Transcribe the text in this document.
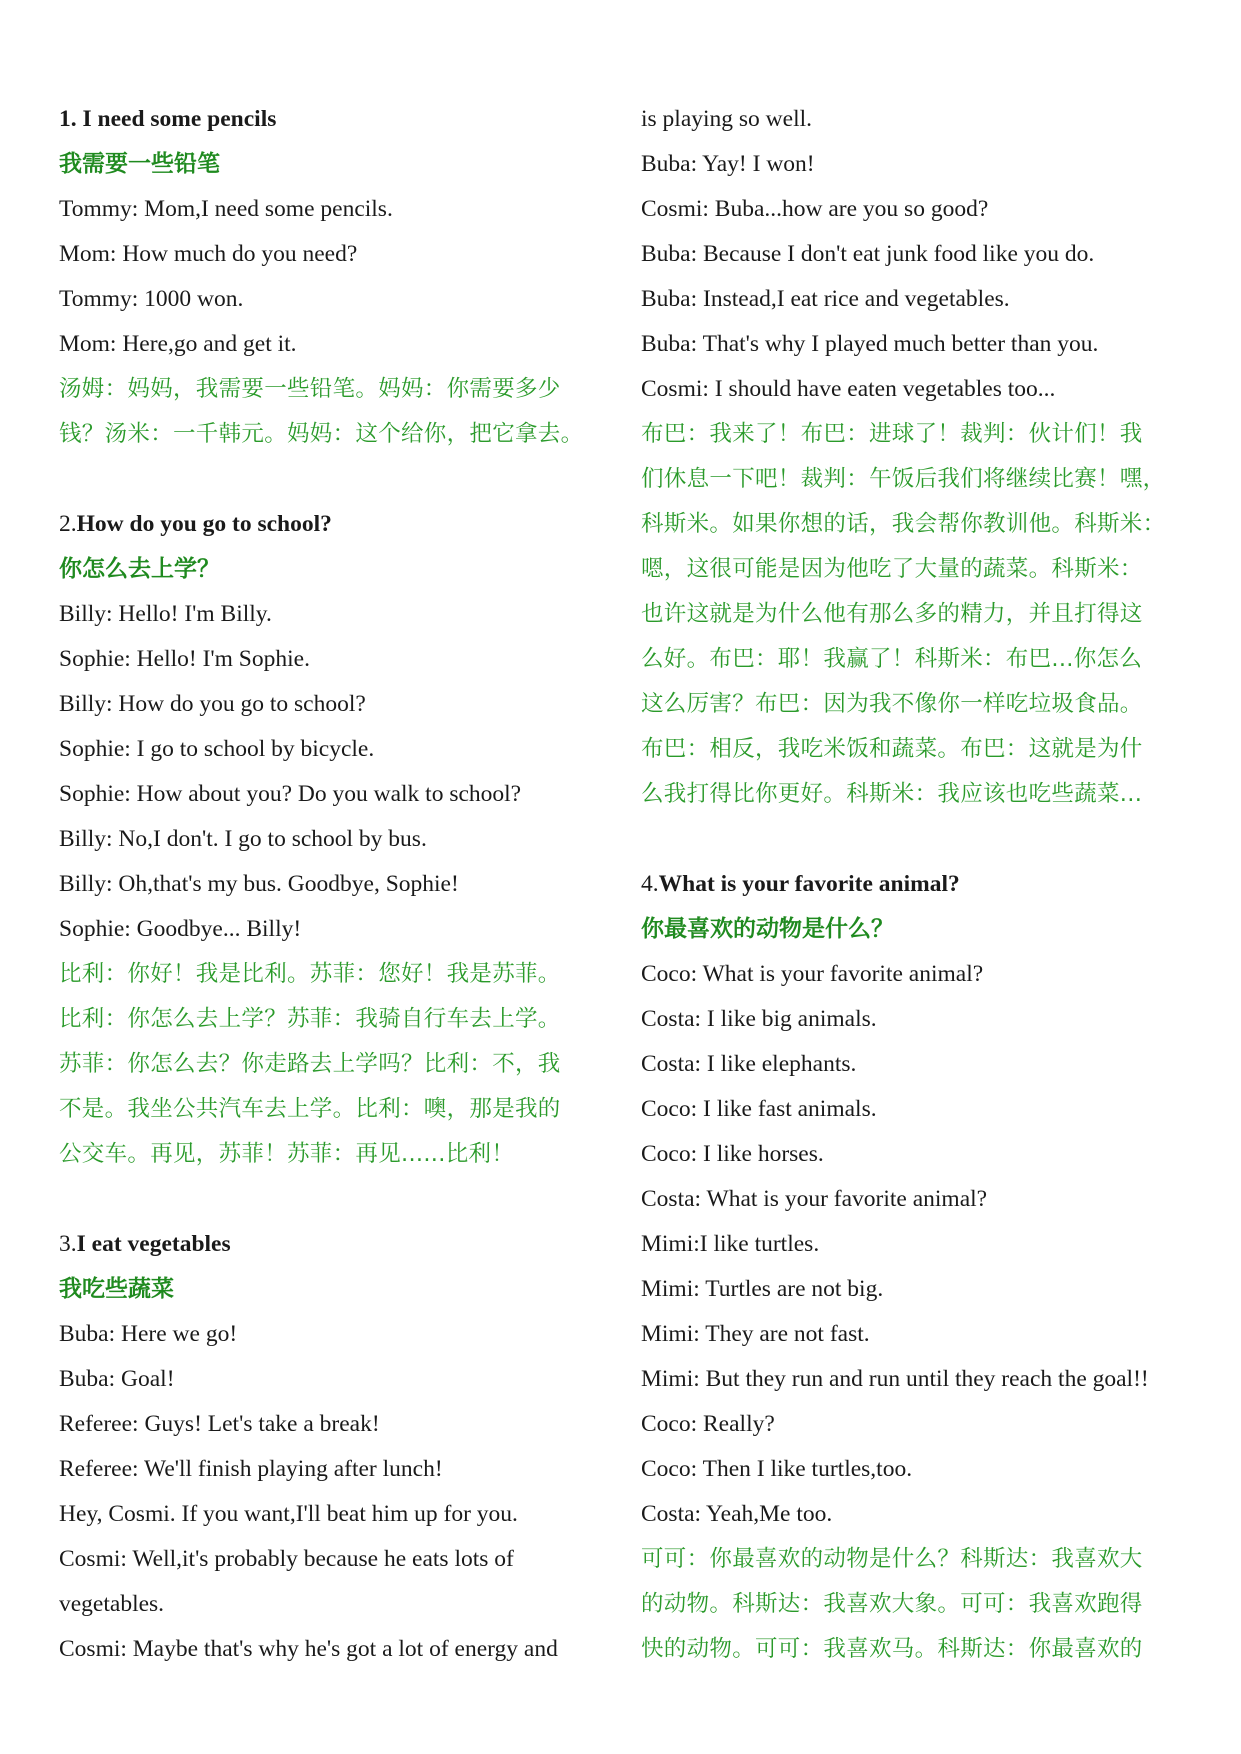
1. I need some pencils
我需要一些铅笔
Tommy: Mom,I need some pencils.
Mom: How much do you need?
Tommy: 1000 won.
Mom: Here,go and get it.
汤姆：妈妈，我需要一些铅笔。妈妈：你需要多少
钱？汤米：一千韩元。妈妈：这个给你，把它拿去。
2.How do you go to school?
你怎么去上学？
Billy: Hello! I'm Billy.
Sophie: Hello! I'm Sophie.
Billy: How do you go to school?
Sophie: I go to school by bicycle.
Sophie: How about you? Do you walk to school?
Billy: No,I don't. I go to school by bus.
Billy: Oh,that's my bus. Goodbye, Sophie!
Sophie: Goodbye... Billy!
比利：你好！我是比利。苏菲：您好！我是苏菲。
比利：你怎么去上学？苏菲：我骑自行车去上学。
苏菲：你怎么去？你走路去上学吗？比利：不，我
不是。我坐公共汽车去上学。比利：噢，那是我的
公交车。再见，苏菲！苏菲：再见......比利！
3.I eat vegetables
我吃些蔬菜
Buba: Here we go!
Buba: Goal!
Referee: Guys! Let's take a break!
Referee: We'll finish playing after lunch!
Hey, Cosmi. If you want,I'll beat him up for you.
Cosmi: Well,it's probably because he eats lots of
vegetables.
Cosmi: Maybe that's why he's got a lot of energy and
is playing so well.
Buba: Yay! I won!
Cosmi: Buba...how are you so good?
Buba: Because I don't eat junk food like you do.
Buba: Instead,I eat rice and vegetables.
Buba: That's why I played much better than you.
Cosmi: I should have eaten vegetables too...
布巴：我来了！布巴：进球了！裁判：伙计们！我
们休息一下吧！裁判：午饭后我们将继续比赛！嘿，
科斯米。如果你想的话，我会帮你教训他。科斯米：
嗯，这很可能是因为他吃了大量的蔬菜。科斯米：
也许这就是为什么他有那么多的精力，并且打得这
么好。布巴：耶！我赢了！科斯米：布巴...你怎么
这么厉害？布巴：因为我不像你一样吃垃圾食品。
布巴：相反，我吃米饭和蔬菜。布巴：这就是为什
么我打得比你更好。科斯米：我应该也吃些蔬菜...
4.What is your favorite animal?
你最喜欢的动物是什么？
Coco: What is your favorite animal?
Costa: I like big animals.
Costa: I like elephants.
Coco: I like fast animals.
Coco: I like horses.
Costa: What is your favorite animal?
Mimi:I like turtles.
Mimi: Turtles are not big.
Mimi: They are not fast.
Mimi: But they run and run until they reach the goal!!
Coco: Really?
Coco: Then I like turtles,too.
Costa: Yeah,Me too.
可可：你最喜欢的动物是什么？科斯达：我喜欢大
的动物。科斯达：我喜欢大象。可可：我喜欢跑得
快的动物。可可：我喜欢马。科斯达：你最喜欢的
